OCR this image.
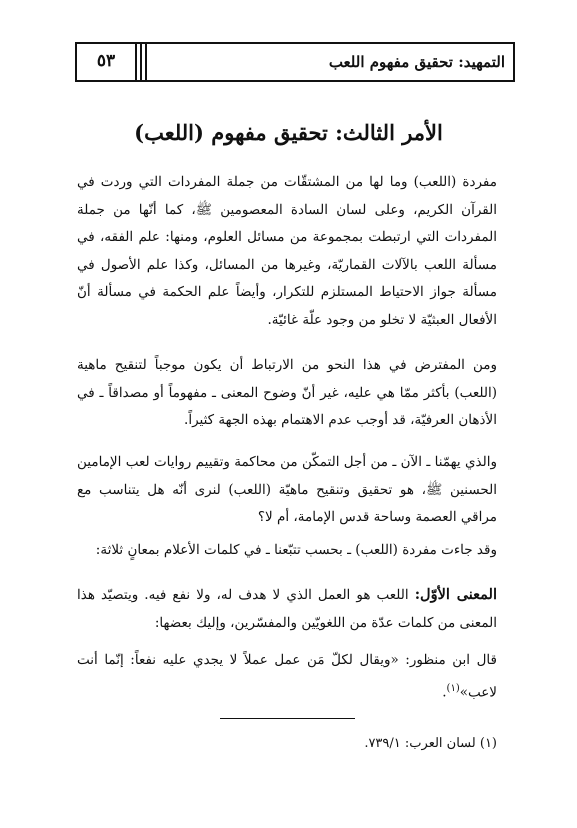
التمهيد: تحقيق مفهوم اللعب
٥٣
الأمر الثالث: تحقيق مفهوم (اللعب)
مفردة (اللعب) وما لها من المشتقّات من جملة المفردات التي وردت في القرآن الكريم، وعلى لسان السادة المعصومين ﷺ، كما أنّها من جملة المفردات التي ارتبطت بمجموعة من مسائل العلوم، ومنها: علم الفقه، في مسألة اللعب بالآلات القماريّة، وغيرها من المسائل، وكذا علم الأصول في مسألة جواز الاحتياط المستلزم للتكرار، وأيضاً علم الحكمة في مسألة أنّ الأفعال العبثيّة لا تخلو من وجود علّة غائيّة.
ومن المفترض في هذا النحو من الارتباط أن يكون موجباً لتنقيح ماهية (اللعب) بأكثر ممّا هي عليه، غير أنّ وضوح المعنى ـ مفهوماً أو مصداقاً ـ في الأذهان العرفيّة، قد أوجب عدم الاهتمام بهذه الجهة كثيراً.
والذي يهمّنا ـ الآن ـ من أجل التمكّن من محاكمة وتقييم روايات لعب الإمامين الحسنين ﷺ، هو تحقيق وتنقيح ماهيّة (اللعب) لنرى أنّه هل يتناسب مع مراقي العصمة وساحة قدس الإمامة، أم لا؟
وقد جاءت مفردة (اللعب) ـ بحسب تتبّعنا ـ في كلمات الأعلام بمعانٍ ثلاثة:
المعنى الأوّل: اللعب هو العمل الذي لا هدف له، ولا نفع فيه. ويتصيّد هذا المعنى من كلمات عدّة من اللغويّين والمفسّرين، وإليك بعضها:
قال ابن منظور: «ويقال لكلّ مَن عمل عملاً لا يجدي عليه نفعاً: إنّما أنت لاعب»$^{(١)}$.
(١) لسان العرب: ٧٣٩/١.
